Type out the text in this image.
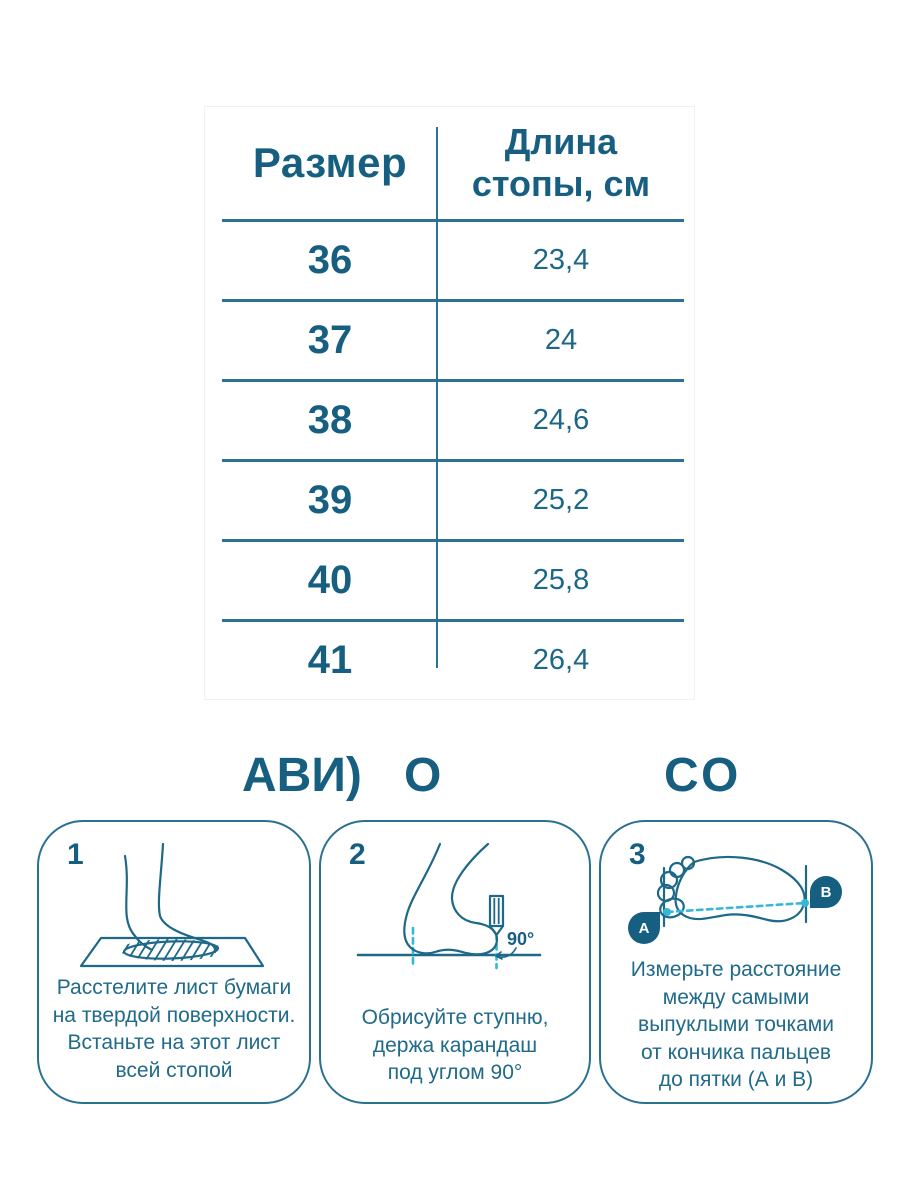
Размер	Длина
стопы, см
36	23,4
37	24
38	24,6
39	25,2
40	25,8
41	26,4
АВИ) О	С О
1
Расстелите лист бумаги
на твердой поверхности.
Встаньте на этот лист
всей стопой
2
90°
Обрисуйте ступню,
держа карандаш
под углом 90°
3
A
B
Измерьте расстояние
между самыми
выпуклыми точками
от кончика пальцев
до пятки (А и В)
